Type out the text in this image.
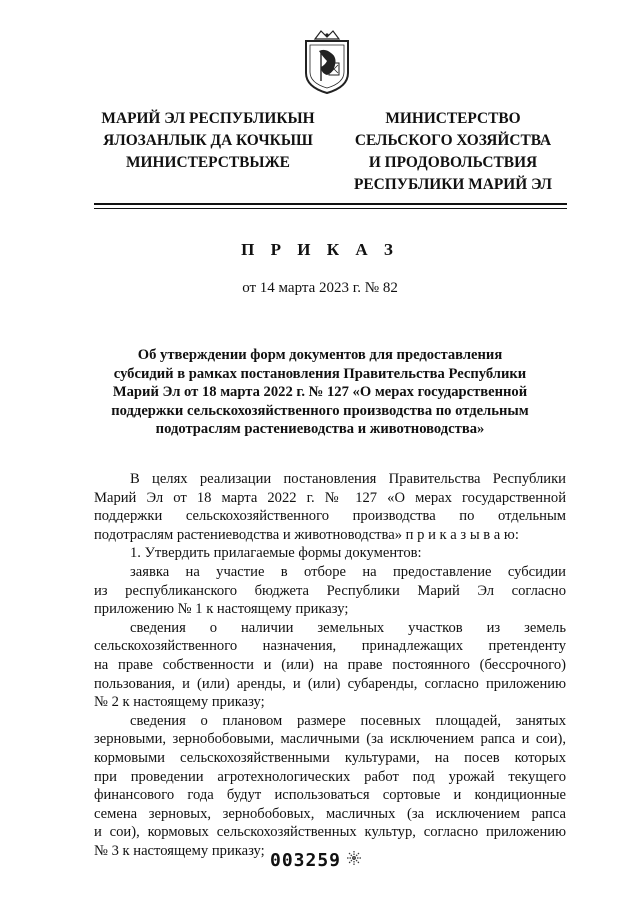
МАРИЙ ЭЛ РЕСПУБЛИКЫН
ЯЛОЗАНЛЫК ДА КОЧКЫШ
МИНИСТЕРСТВЫЖЕ
МИНИСТЕРСТВО
СЕЛЬСКОГО ХОЗЯЙСТВА
И ПРОДОВОЛЬСТВИЯ
РЕСПУБЛИКИ МАРИЙ ЭЛ
П Р И К А З
от 14 марта 2023 г. № 82
Об утверждении форм документов для предоставления
субсидий в рамках постановления Правительства Республики
Марий Эл от 18 марта 2022 г. № 127 «О мерах государственной
поддержки сельскохозяйственного производства по отдельным
подотраслям растениеводства и животноводства»
В целях реализации постановления Правительства Республики
Марий Эл от 18 марта 2022 г. № 127 «О мерах государственной
поддержки сельскохозяйственного производства по отдельным
подотраслям растениеводства и животноводства» п р и к а з ы в а ю:
1. Утвердить прилагаемые формы документов:
заявка на участие в отборе на предоставление субсидии
из республиканского бюджета Республики Марий Эл согласно
приложению № 1 к настоящему приказу;
сведения о наличии земельных участков из земель
сельскохозяйственного назначения, принадлежащих претенденту
на праве собственности и (или) на праве постоянного (бессрочного)
пользования, и (или) аренды, и (или) субаренды, согласно приложению
№ 2 к настоящему приказу;
сведения о плановом размере посевных площадей, занятых
зерновыми, зернобобовыми, масличными (за исключением рапса и сои),
кормовыми сельскохозяйственными культурами, на посев которых
при проведении агротехнологических работ под урожай текущего
финансового года будут использоваться сортовые и кондиционные
семена зерновых, зернобобовых, масличных (за исключением рапса
и сои), кормовых сельскохозяйственных культур, согласно приложению
№ 3 к настоящему приказу; 003259
